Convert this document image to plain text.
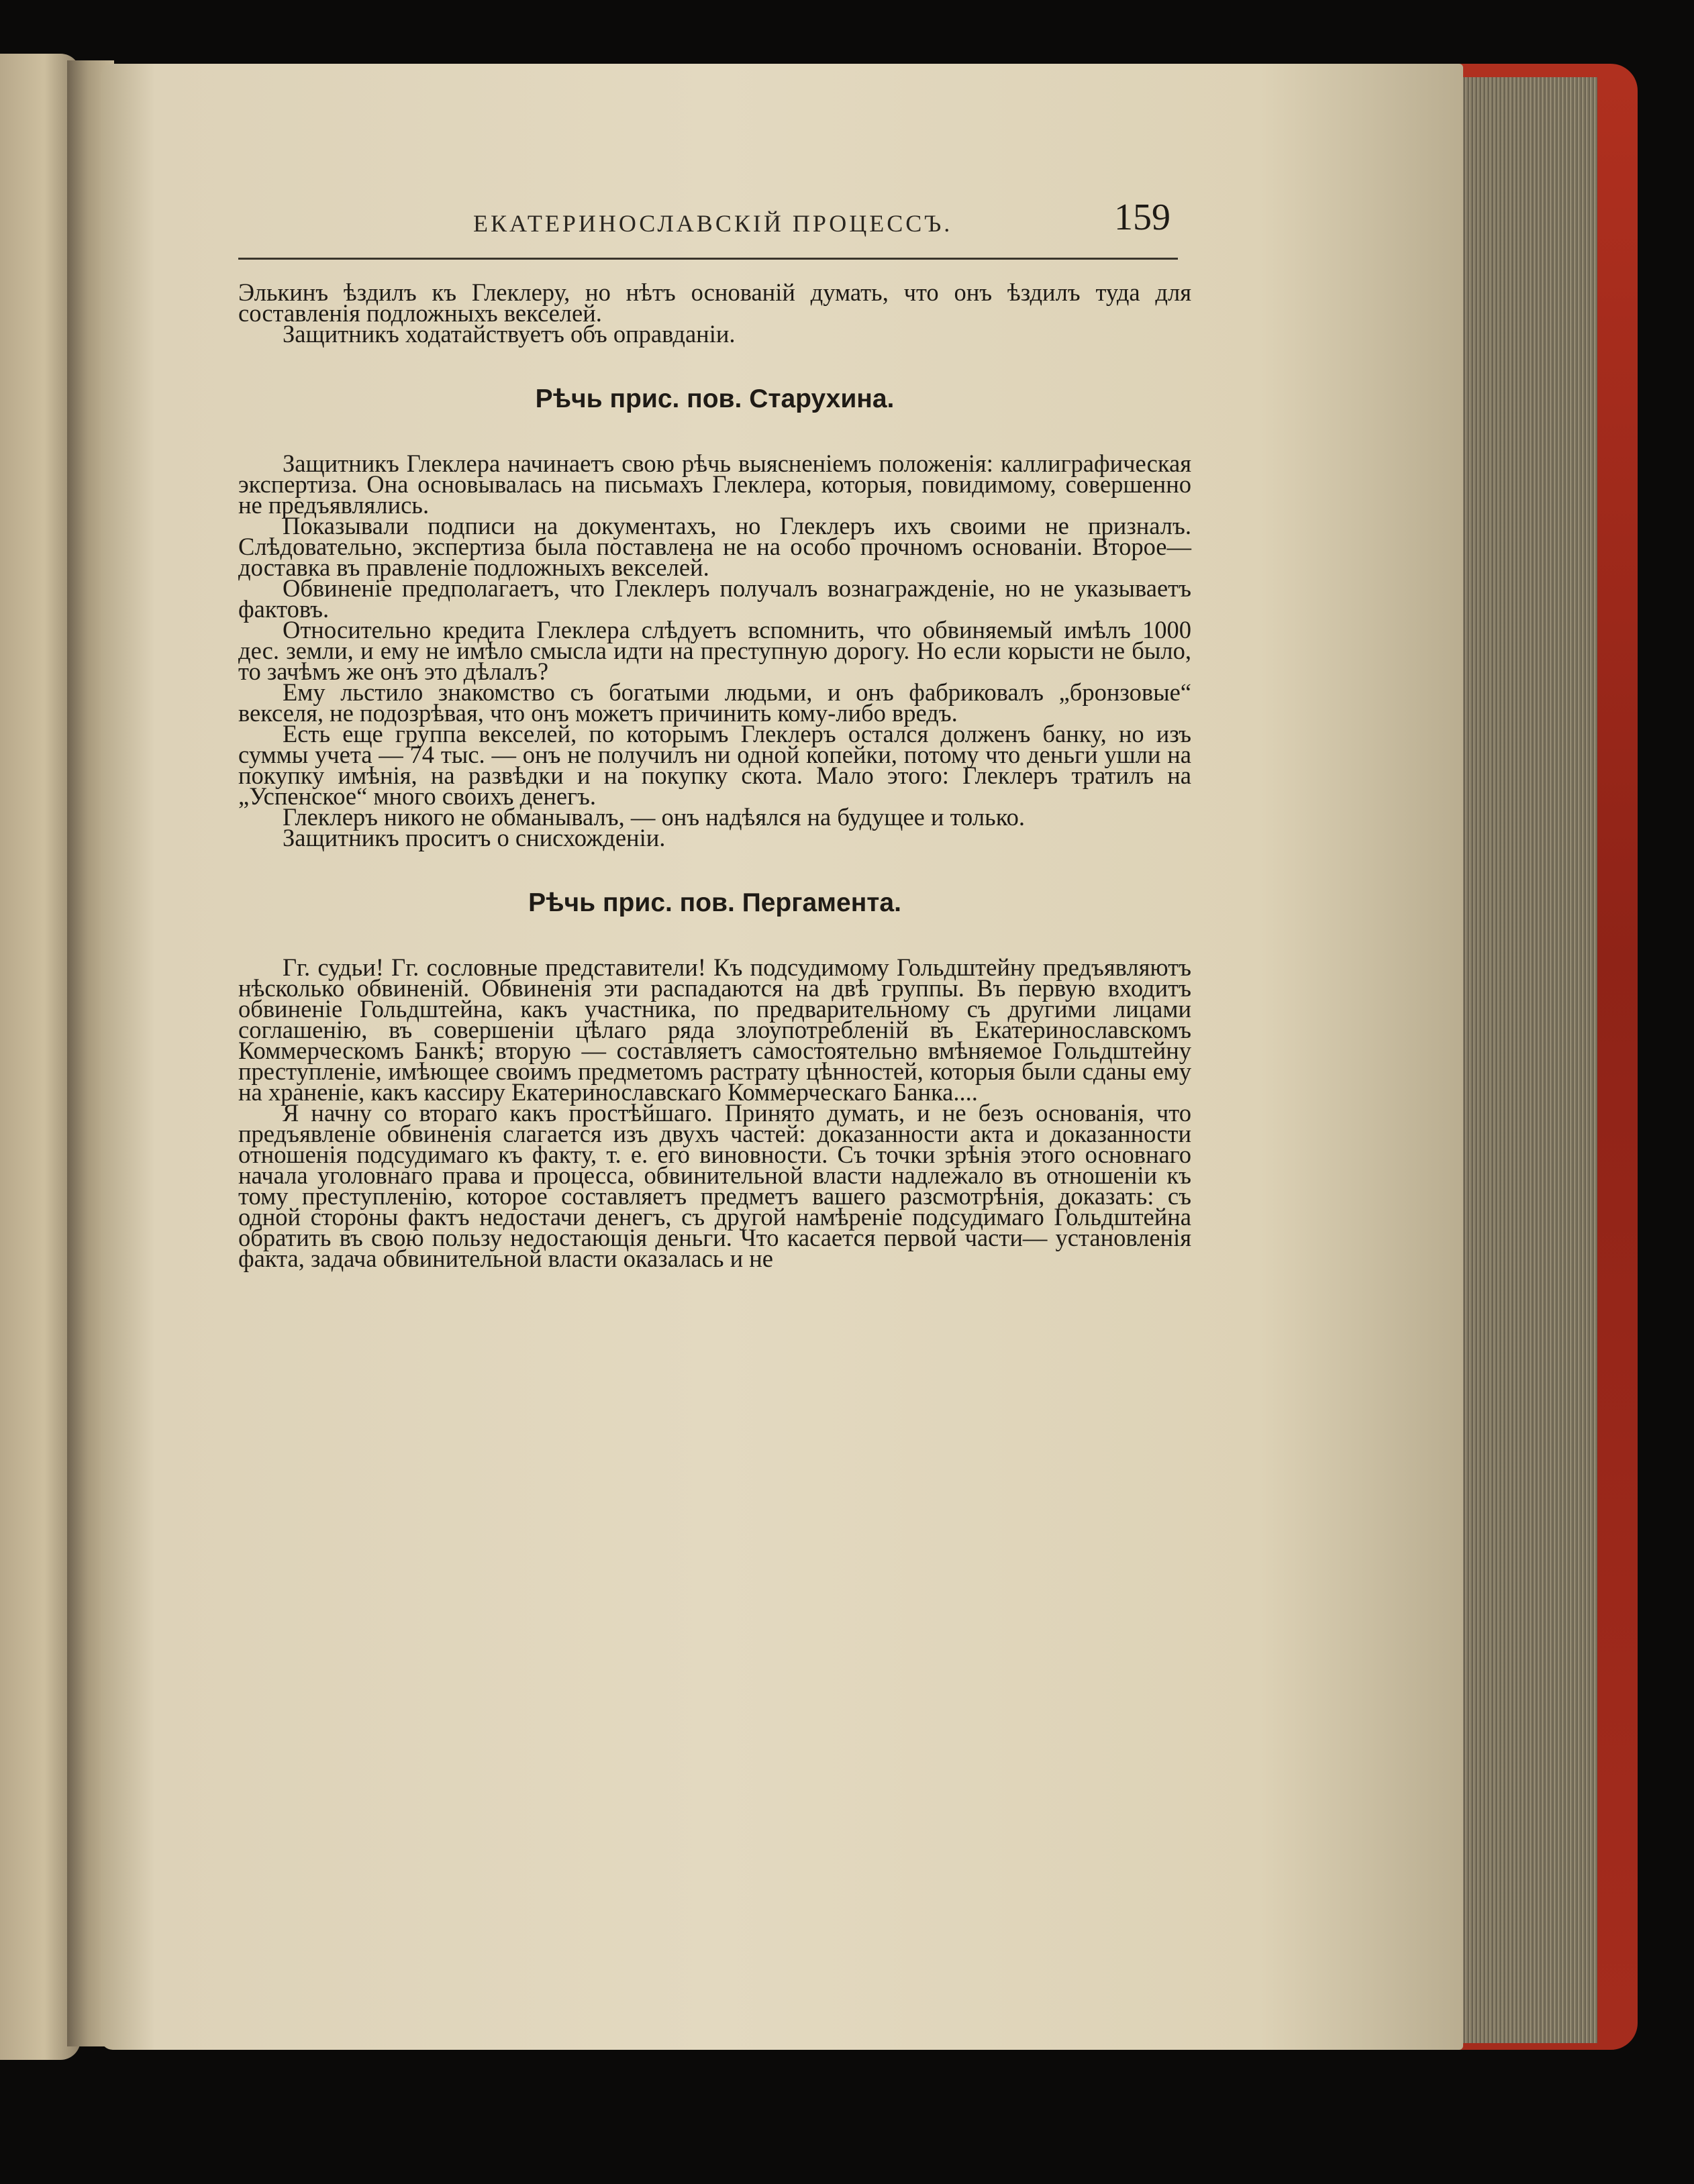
ЕКАТЕРИНОСЛАВСКІЙ ПРОЦЕССЪ.	159

Элькинъ ѣздилъ къ Глеклеру, но нѣтъ основаній думать, что онъ ѣздилъ туда для составленія подложныхъ векселей.

Защитникъ ходатайствуетъ объ оправданіи.

Рѣчь прис. пов. Старухина.

Защитникъ Глеклера начинаетъ свою рѣчь выясненіемъ положенія: каллиграфическая экспертиза. Она основывалась на письмахъ Глеклера, которыя, повидимому, совершенно не предъявлялись.

Показывали подписи на документахъ, но Глеклеръ ихъ своими не призналъ. Слѣдовательно, экспертиза была поставлена не на особо прочномъ основаніи. Второе—доставка въ правленіе подложныхъ векселей.

Обвиненіе предполагаетъ, что Глеклеръ получалъ вознагражденіе, но не указываетъ фактовъ.

Относительно кредита Глеклера слѣдуетъ вспомнить, что обвиняемый имѣлъ 1000 дес. земли, и ему не имѣло смысла идти на преступную дорогу. Но если корысти не было, то зачѣмъ же онъ это дѣлалъ?

Ему льстило знакомство съ богатыми людьми, и онъ фабриковалъ „бронзовые“ векселя, не подозрѣвая, что онъ можетъ причинить кому-либо вредъ.

Есть еще группа векселей, по которымъ Глеклеръ остался долженъ банку, но изъ суммы учета — 74 тыс. — онъ не получилъ ни одной копейки, потому что деньги ушли на покупку имѣнія, на развѣдки и на покупку скота. Мало этого: Глеклеръ тратилъ на „Успенское“ много своихъ денегъ.

Глеклеръ никого не обманывалъ, — онъ надѣялся на будущее и только.

Защитникъ проситъ о снисхожденіи.

Рѣчь прис. пов. Пергамента.

Гг. судьи! Гг. сословные представители! Къ подсудимому Гольдштейну предъявляютъ нѣсколько обвиненій. Обвиненія эти распадаются на двѣ группы. Въ первую входитъ обвиненіе Гольдштейна, какъ участника, по предварительному съ другими лицами соглашенію, въ совершеніи цѣлаго ряда злоупотребленій въ Екатеринославскомъ Коммерческомъ Банкѣ; вторую — составляетъ самостоятельно вмѣняемое Гольдштейну преступленіе, имѣющее своимъ предметомъ растрату цѣнностей, которыя были сданы ему на храненіе, какъ кассиру Екатеринославскаго Коммерческаго Банка....

Я начну со втораго какъ простѣйшаго. Принято думать, и не безъ основанія, что предъявленіе обвиненія слагается изъ двухъ частей: доказанности акта и доказанности отношенія подсудимаго къ факту, т. е. его виновности. Съ точки зрѣнія этого основнаго начала уголовнаго права и процесса, обвинительной власти надлежало въ отношеніи къ тому преступленію, которое составляетъ предметъ вашего разсмотрѣнія, доказать: съ одной стороны фактъ недостачи денегъ, съ другой намѣреніе подсудимаго Гольдштейна обратить въ свою пользу недостающія деньги. Что касается первой части— установленія факта, задача обвинительной власти оказалась и не
